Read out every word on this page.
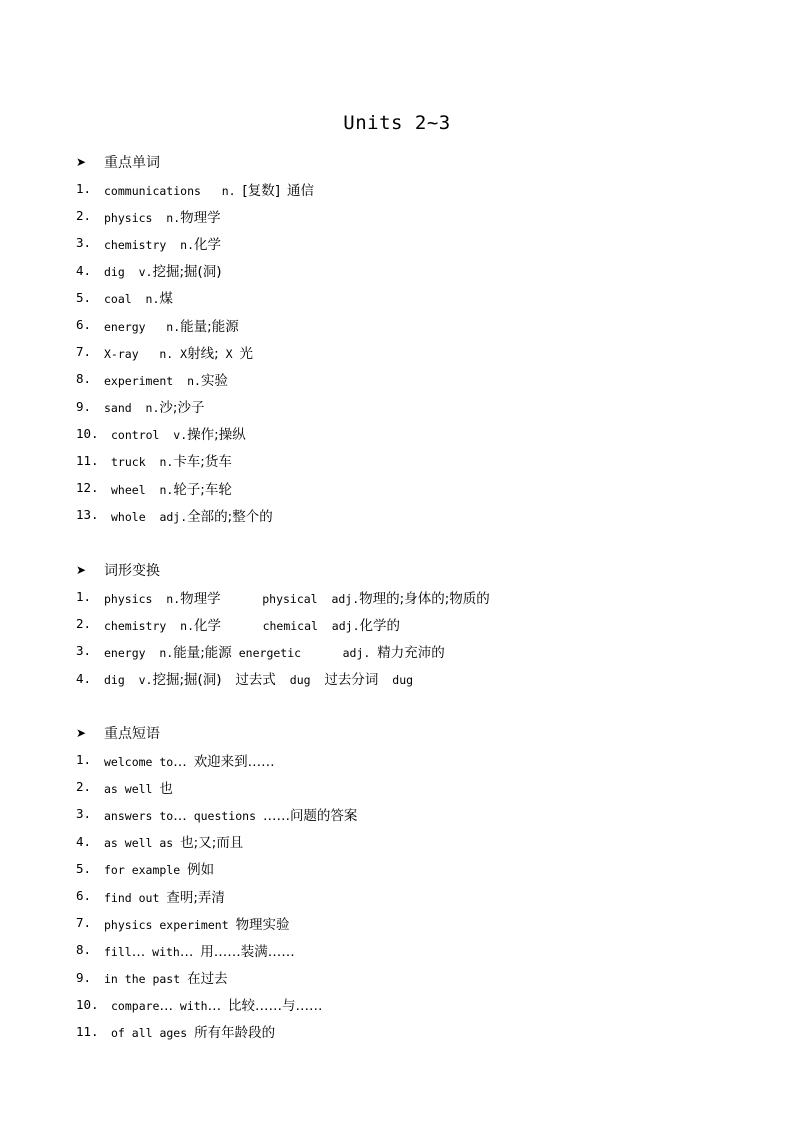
Units 2~3
➤	重点单词
1.	communications   n. [复数] 通信
2.	physics  n.物理学
3.	chemistry  n.化学
4.	dig  v.挖掘;掘(洞)
5.	coal  n.煤
6.	energy   n.能量;能源
7.	X-ray   n. X射线; X 光
8.	experiment  n.实验
9.	sand  n.沙;沙子
10.	control  v.操作;操纵
11.	truck  n.卡车;货车
12.	wheel  n.轮子;车轮
13.	whole  adj.全部的;整个的
➤	词形变换
1.	physics  n.物理学	physical  adj.物理的;身体的;物质的
2.	chemistry  n.化学	chemical  adj.化学的
3.	energy  n.能量;能源 energetic      adj. 精力充沛的
4.	dig  v.挖掘;掘(洞) 过去式 dug 过去分词 dug
➤	重点短语
1.	welcome to… 欢迎来到……
2.	as well 也
3.	answers to… questions ……问题的答案
4.	as well as 也;又;而且
5.	for example 例如
6.	find out 查明;弄清
7.	physics experiment 物理实验
8.	fill… with… 用……装满……
9.	in the past 在过去
10.	compare… with… 比较……与……
11.	of all ages 所有年龄段的
